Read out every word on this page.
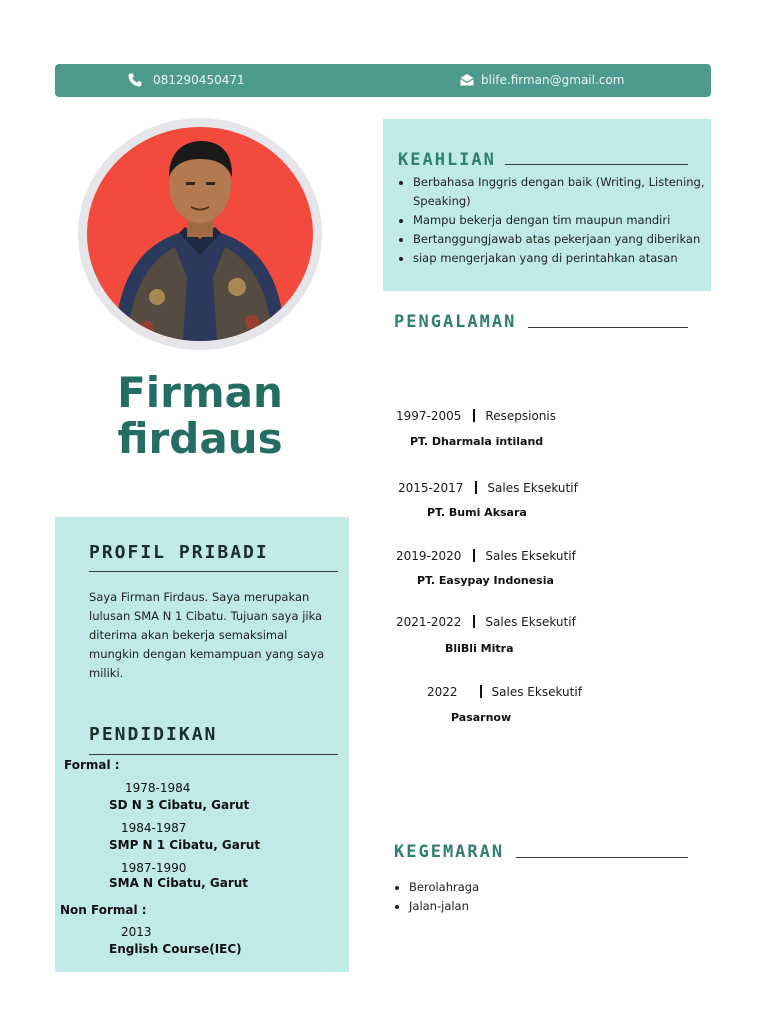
081290450471	blife.firman@gmail.com
Firman
firdaus
KEAHLIAN
• Berbahasa Inggris dengan baik (Writing, Listening, Speaking)
• Mampu bekerja dengan tim maupun mandiri
• Bertanggungjawab atas pekerjaan yang diberikan
• siap mengerjakan yang di perintahkan atasan
PENGALAMAN
1997-2005 Resepsionis
PT. Dharmala intiland
2015-2017 Sales Eksekutif
PT. Bumi Aksara
2019-2020 Sales Eksekutif
PT. Easypay Indonesia
2021-2022 Sales Eksekutif
BliBli Mitra
2022	Sales Eksekutif
Pasarnow
KEGEMARAN
• Berolahraga
• Jalan-jalan
PROFIL PRIBADI

Saya Firman Firdaus. Saya merupakan lulusan SMA N 1 Cibatu. Tujuan saya jika diterima akan bekerja semaksimal mungkin dengan kemampuan yang saya miliki.

PENDIDIKAN
Formal :
1978-1984
SD N 3 Cibatu, Garut
1984-1987
SMP N 1 Cibatu, Garut
1987-1990
SMA N Cibatu, Garut
Non Formal :
2013
English Course(IEC)
